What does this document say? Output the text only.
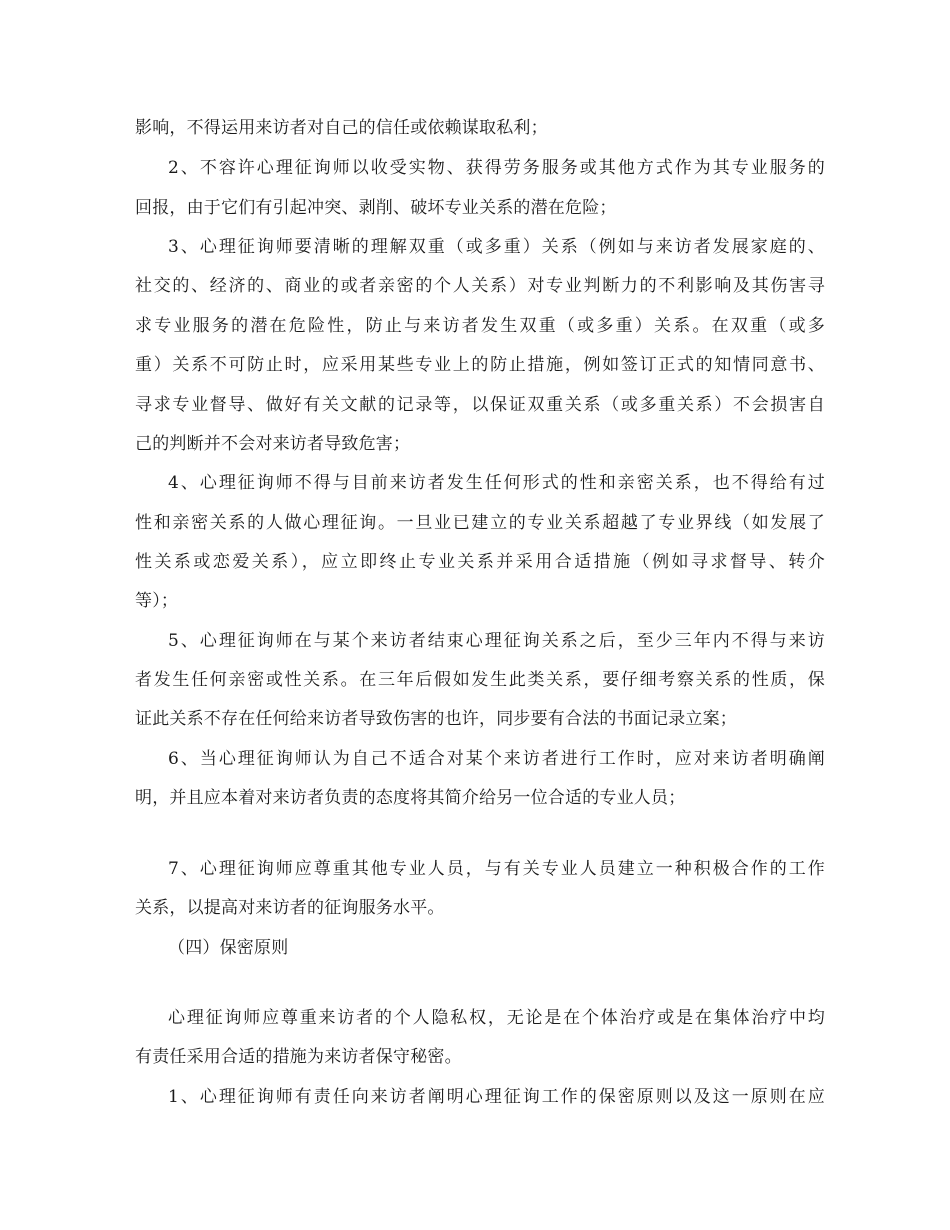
影响，不得运用来访者对自己的信任或依赖谋取私利；
2、不容许心理征询师以收受实物、获得劳务服务或其他方式作为其专业服务的
回报，由于它们有引起冲突、剥削、破坏专业关系的潜在危险；
3、心理征询师要清晰的理解双重（或多重）关系（例如与来访者发展家庭的、
社交的、经济的、商业的或者亲密的个人关系）对专业判断力的不利影响及其伤害寻
求专业服务的潜在危险性，防止与来访者发生双重（或多重）关系。在双重（或多
重）关系不可防止时，应采用某些专业上的防止措施，例如签订正式的知情同意书、
寻求专业督导、做好有关文献的记录等，以保证双重关系（或多重关系）不会损害自
己的判断并不会对来访者导致危害；
4、心理征询师不得与目前来访者发生任何形式的性和亲密关系，也不得给有过
性和亲密关系的人做心理征询。一旦业已建立的专业关系超越了专业界线（如发展了
性关系或恋爱关系），应立即终止专业关系并采用合适措施（例如寻求督导、转介
等）；
5、心理征询师在与某个来访者结束心理征询关系之后，至少三年内不得与来访
者发生任何亲密或性关系。在三年后假如发生此类关系，要仔细考察关系的性质，保
证此关系不存在任何给来访者导致伤害的也许，同步要有合法的书面记录立案；
6、当心理征询师认为自己不适合对某个来访者进行工作时，应对来访者明确阐
明，并且应本着对来访者负责的态度将其简介给另一位合适的专业人员；
7、心理征询师应尊重其他专业人员，与有关专业人员建立一种积极合作的工作
关系，以提高对来访者的征询服务水平。
（四）保密原则
心理征询师应尊重来访者的个人隐私权，无论是在个体治疗或是在集体治疗中均
有责任采用合适的措施为来访者保守秘密。
1、心理征询师有责任向来访者阐明心理征询工作的保密原则以及这一原则在应
